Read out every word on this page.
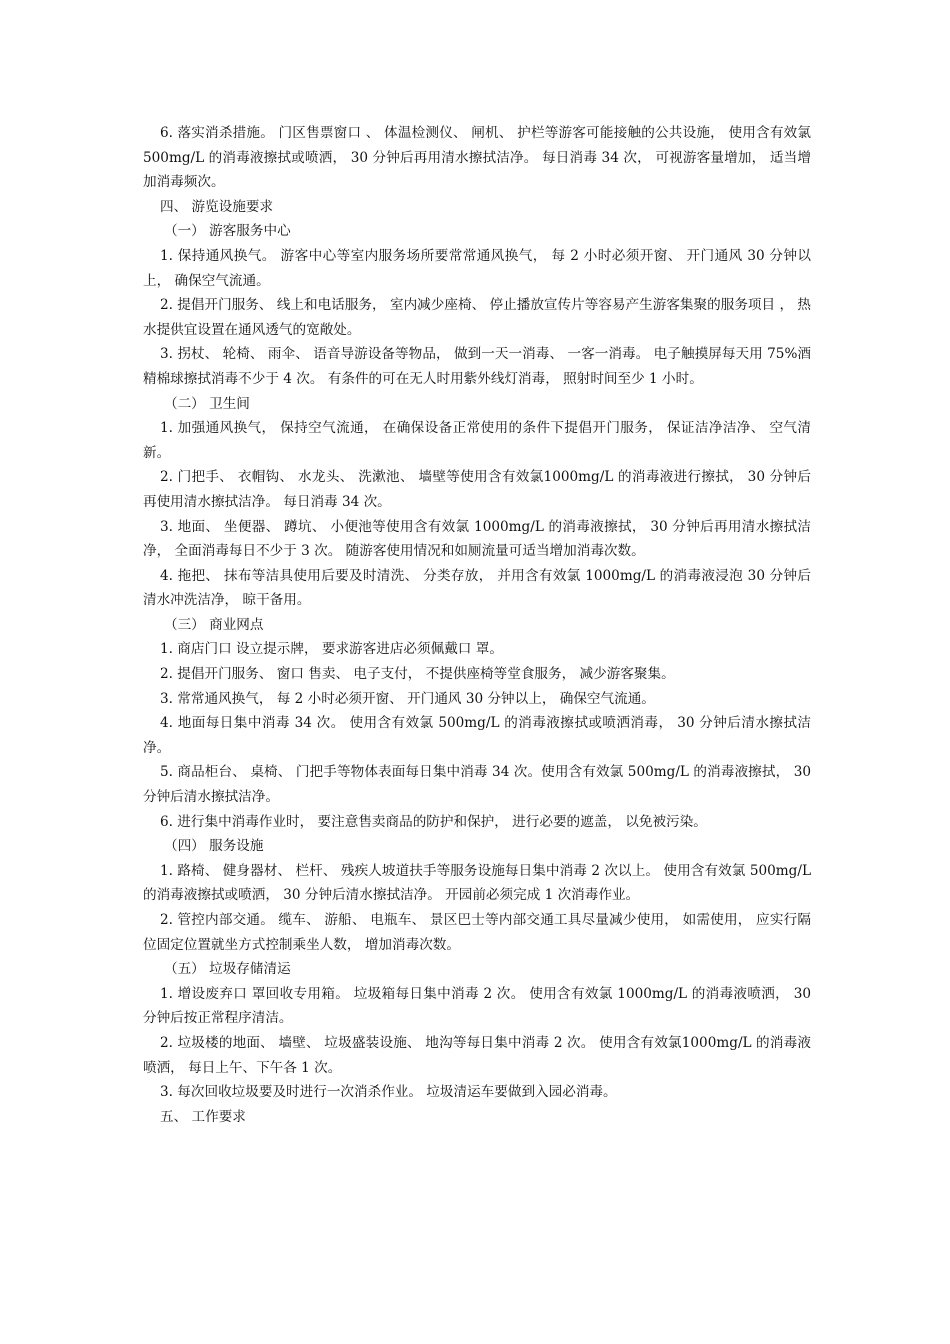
6. 落实消杀措施。 门区售票窗口 、 体温检测仪、 闸机、 护栏等游客可能接触的公共设施， 使用含有效氯 500mg/L 的消毒液擦拭或喷洒， 30 分钟后再用清水擦拭洁净。 每日消毒 34 次， 可视游客量增加， 适当增加消毒频次。

四、 游览设施要求

（一） 游客服务中心

1. 保持通风换气。 游客中心等室内服务场所要常常通风换气， 每 2 小时必须开窗、 开门通风 30 分钟以上， 确保空气流通。

2. 提倡开门服务、 线上和电话服务， 室内减少座椅、 停止播放宣传片等容易产生游客集聚的服务项目 ， 热水提供宜设置在通风透气的宽敞处。

3. 拐杖、 轮椅、 雨伞、 语音导游设备等物品， 做到一天一消毒、 一客一消毒。 电子触摸屏每天用 75%酒精棉球擦拭消毒不少于 4 次。 有条件的可在无人时用紫外线灯消毒， 照射时间至少 1 小时。

（二） 卫生间

1. 加强通风换气， 保持空气流通， 在确保设备正常使用的条件下提倡开门服务， 保证洁净洁净、 空气清新。

2. 门把手、 衣帽钩、 水龙头、 洗漱池、 墙壁等使用含有效氯1000mg/L 的消毒液进行擦拭， 30 分钟后再使用清水擦拭洁净。 每日消毒 34 次。

3. 地面、 坐便器、 蹲坑、 小便池等使用含有效氯 1000mg/L 的消毒液擦拭， 30 分钟后再用清水擦拭洁净， 全面消毒每日不少于 3 次。 随游客使用情况和如厕流量可适当增加消毒次数。

4. 拖把、 抹布等洁具使用后要及时清洗、 分类存放， 并用含有效氯 1000mg/L 的消毒液浸泡 30 分钟后清水冲洗洁净， 晾干备用。

（三） 商业网点

1. 商店门口 设立提示牌， 要求游客进店必须佩戴口 罩。

2. 提倡开门服务、 窗口 售卖、 电子支付， 不提供座椅等堂食服务， 减少游客聚集。

3. 常常通风换气， 每 2 小时必须开窗、 开门通风 30 分钟以上， 确保空气流通。

4. 地面每日集中消毒 34 次。 使用含有效氯 500mg/L 的消毒液擦拭或喷洒消毒， 30 分钟后清水擦拭洁净。

5. 商品柜台、 桌椅、 门把手等物体表面每日集中消毒 34 次。使用含有效氯 500mg/L 的消毒液擦拭， 30 分钟后清水擦拭洁净。

6. 进行集中消毒作业时， 要注意售卖商品的防护和保护， 进行必要的遮盖， 以免被污染。

（四） 服务设施

1. 路椅、 健身器材、 栏杆、 残疾人坡道扶手等服务设施每日集中消毒 2 次以上。 使用含有效氯 500mg/L 的消毒液擦拭或喷洒， 30 分钟后清水擦拭洁净。 开园前必须完成 1 次消毒作业。

2. 管控内部交通。 缆车、 游船、 电瓶车、 景区巴士等内部交通工具尽量减少使用， 如需使用， 应实行隔位固定位置就坐方式控制乘坐人数， 增加消毒次数。

（五） 垃圾存储清运

1. 增设废弃口 罩回收专用箱。 垃圾箱每日集中消毒 2 次。 使用含有效氯 1000mg/L 的消毒液喷洒， 30 分钟后按正常程序清洁。

2. 垃圾楼的地面、 墙壁、 垃圾盛装设施、 地沟等每日集中消毒 2 次。 使用含有效氯1000mg/L 的消毒液喷洒， 每日上午、下午各 1 次。

3. 每次回收垃圾要及时进行一次消杀作业。 垃圾清运车要做到入园必消毒。

五、 工作要求
